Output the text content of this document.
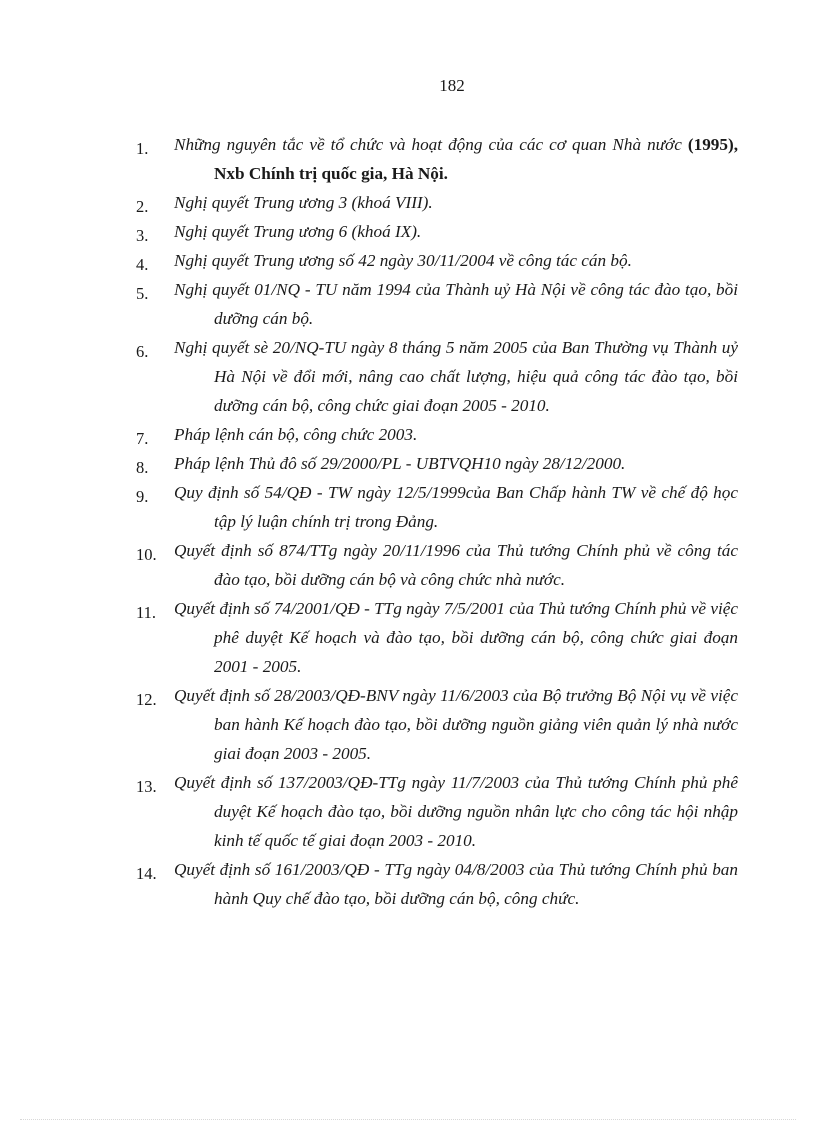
182
1. Những nguyên tắc về tổ chức và hoạt động của các cơ quan Nhà nước (1995), Nxb Chính trị quốc gia, Hà Nội.
2. Nghị quyết Trung ương 3 (khoá VIII).
3. Nghị quyết Trung ương 6 (khoá IX).
4. Nghị quyết Trung ương số 42 ngày 30/11/2004 về công tác cán bộ.
5. Nghị quyết 01/NQ - TU năm 1994 của Thành uỷ Hà Nội về công tác đào tạo, bồi dưỡng cán bộ.
6. Nghị quyết sè 20/NQ-TU ngày 8 tháng 5 năm 2005 của Ban Thường vụ Thành uỷ Hà Nội về đổi mới, nâng cao chất lượng, hiệu quả công tác đào tạo, bồi dưỡng cán bộ, công chức giai đoạn 2005 - 2010.
7. Pháp lệnh cán bộ, công chức 2003.
8. Pháp lệnh Thủ đô số 29/2000/PL - UBTVQH10 ngày 28/12/2000.
9. Quy định số 54/QĐ - TW ngày 12/5/1999của Ban Chấp hành TW về chế độ học tập lý luận chính trị trong Đảng.
10. Quyết định số 874/TTg ngày 20/11/1996 của Thủ tướng Chính phủ về công tác đào tạo, bồi dưỡng cán bộ và công chức nhà nước.
11. Quyết định số 74/2001/QĐ - TTg ngày 7/5/2001 của Thủ tướng Chính phủ về việc phê duyệt Kế hoạch và đào tạo, bồi dưỡng cán bộ, công chức giai đoạn 2001 - 2005.
12. Quyết định số 28/2003/QĐ-BNV ngày 11/6/2003 của Bộ trưởng Bộ Nội vụ về việc ban hành Kế hoạch đào tạo, bồi dưỡng nguồn giảng viên quản lý nhà nước giai đoạn 2003 - 2005.
13. Quyết định số 137/2003/QĐ-TTg ngày 11/7/2003 của Thủ tướng Chính phủ phê duyệt Kế hoạch đào tạo, bồi dưỡng nguồn nhân lực cho công tác hội nhập kinh tế quốc tế giai đoạn 2003 - 2010.
14. Quyết định số 161/2003/QĐ - TTg ngày 04/8/2003 của Thủ tướng Chính phủ ban hành Quy chế đào tạo, bồi dưỡng cán bộ, công chức.
